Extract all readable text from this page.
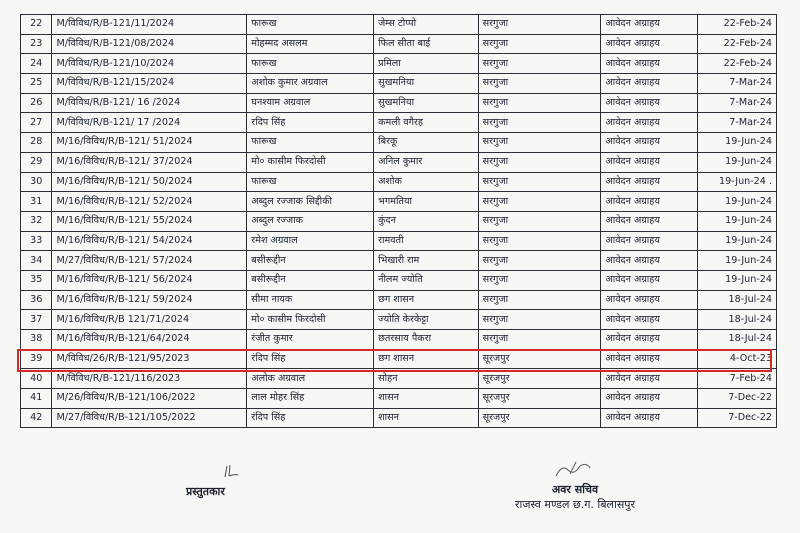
22	M/विविध/R/B-121/11/2024	फारूख	जेम्स टोप्पो	सरगुजा	आवेदन अग्राहय	22-Feb-24
23	M/विविध/R/B-121/08/2024	मोहम्मद असलम	फिल सीता बाई	सरगुजा	आवेदन अग्राहय	22-Feb-24
24	M/विविध/R/B-121/10/2024	फारूख	प्रमिला	सरगुजा	आवेदन अग्राहय	22-Feb-24
25	M/विविध/R/B-121/15/2024	अशोक कुमार अग्रवाल	सुखमनिया	सरगुजा	आवेदन अग्राहय	7-Mar-24
26	M/विविध/R/B-121/ 16 /2024	घनश्याम अग्रवाल	सुखमनिया	सरगुजा	आवेदन अग्राहय	7-Mar-24
27	M/विविध/R/B-121/ 17 /2024	रदिप सिंह	कमली वगैरह	सरगुजा	आवेदन अग्राहय	7-Mar-24
28	M/16/विविध/R/B-121/ 51/2024	फारूख	बिरकू	सरगुजा	आवेदन अग्राहय	19-Jun-24
29	M/16/विविध/R/B-121/ 37/2024	मो० कासीम फिरदोसी	अनिल कुमार	सरगुजा	आवेदन अग्राहय	19-Jun-24
30	M/16/विविध/R/B-121/ 50/2024	फारूख	अशोक	सरगुजा	आवेदन अग्राहय	19-Jun-24 .
31	M/16/विविध/R/B-121/ 52/2024	अब्दुल रज्जाक सिद्दीकी	भगमतिया	सरगुजा	आवेदन अग्राहय	19-Jun-24
32	M/16/विविध/R/B-121/ 55/2024	अब्दुल रज्जाक	कुंदन	सरगुजा	आवेदन अग्राहय	19-Jun-24
33	M/16/विविध/R/B-121/ 54/2024	रमेश अग्रवाल	रामवती	सरगुजा	आवेदन अग्राहय	19-Jun-24
34	M/27/विविध/R/B-121/ 57/2024	बसीरूद्दीन	भिखारी राम	सरगुजा	आवेदन अग्राहय	19-Jun-24
35	M/16/विविध/R/B-121/ 56/2024	बसीरूद्दीन	नीलम ज्योति	सरगुजा	आवेदन अग्राहय	19-Jun-24
36	M/16/विविध/R/B-121/ 59/2024	सीमा नायक	छग शासन	सरगुजा	आवेदन अग्राहय	18-Jul-24
37	M/16/विविध/R/B 121/71/2024	मो० कासीम फिरदोसी	ज्योति केरकेट्टा	सरगुजा	आवेदन अग्राहय	18-Jul-24
38	M/16/विविध/R/B-121/64/2024	रंजीत कुमार	छतरसाय पैकरा	सरगुजा	आवेदन अग्राहय	18-Jul-24
39	M/विविध/26/R/B-121/95/2023	रंदिप सिंह	छग शासन	सूरजपुर	आवेदन अग्राहय	4-Oct-23
40	M/विविध/R/B-121/116/2023	अलोक अग्रवाल	सोहन	सूरजपुर	आवेदन अग्राहय	7-Feb-24
41	M/26/विविध/R/B-121/106/2022	लाल मोहर सिंह	शासन	सूरजपुर	आवेदन अग्राहय	7-Dec-22
42	M/27/विविध/R/B-121/105/2022	रंदिप सिंह	शासन	सूरजपुर	आवेदन अग्राहय	7-Dec-22
प्रस्तुतकार	अवर सचिव
राजस्व मण्डल छ.ग. बिलासपुर
